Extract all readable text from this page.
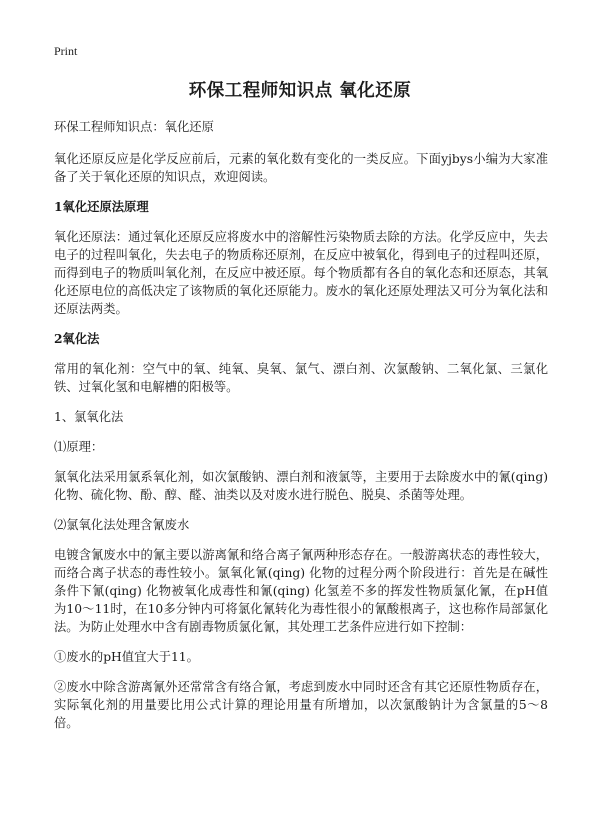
Print
环保工程师知识点 氧化还原

环保工程师知识点：氧化还原

氧化还原反应是化学反应前后，元素的氧化数有变化的一类反应。下面yjbys小编为大家准备了关于氧化还原的知识点，欢迎阅读。

1氧化还原法原理

氧化还原法：通过氧化还原反应将废水中的溶解性污染物质去除的方法。化学反应中，失去电子的过程叫氧化，失去电子的物质称还原剂，在反应中被氧化，得到电子的过程叫还原，而得到电子的物质叫氧化剂，在反应中被还原。每个物质都有各自的氧化态和还原态，其氧化还原电位的高低决定了该物质的氧化还原能力。废水的氧化还原处理法又可分为氧化法和还原法两类。

2氧化法

常用的氧化剂：空气中的氧、纯氧、臭氧、氯气、漂白剂、次氯酸钠、二氧化氯、三氯化铁、过氧化氢和电解槽的阳极等。

1、氯氧化法

⑴原理：

氯氧化法采用氯系氧化剂，如次氯酸钠、漂白剂和液氯等，主要用于去除废水中的氰(qing) 化物、硫化物、酚、醇、醛、油类以及对废水进行脱色、脱臭、杀菌等处理。

⑵氯氧化法处理含氰废水

电镀含氰废水中的氰主要以游离氰和络合离子氰两种形态存在。一般游离状态的毒性较大，而络合离子状态的毒性较小。氯氧化氰(qing) 化物的过程分两个阶段进行：首先是在碱性条件下氰(qing) 化物被氧化成毒性和氰(qing) 化氢差不多的挥发性物质氯化氰，在pH值为10～11时，在10多分钟内可将氯化氰转化为毒性很小的氰酸根离子，这也称作局部氯化法。为防止处理水中含有剧毒物质氯化氰，其处理工艺条件应进行如下控制：

①废水的pH值宜大于11。

②废水中除含游离氰外还常常含有络合氰，考虑到废水中同时还含有其它还原性物质存在，实际氧化剂的用量要比用公式计算的理论用量有所增加，以次氯酸钠计为含氯量的5～8倍。
